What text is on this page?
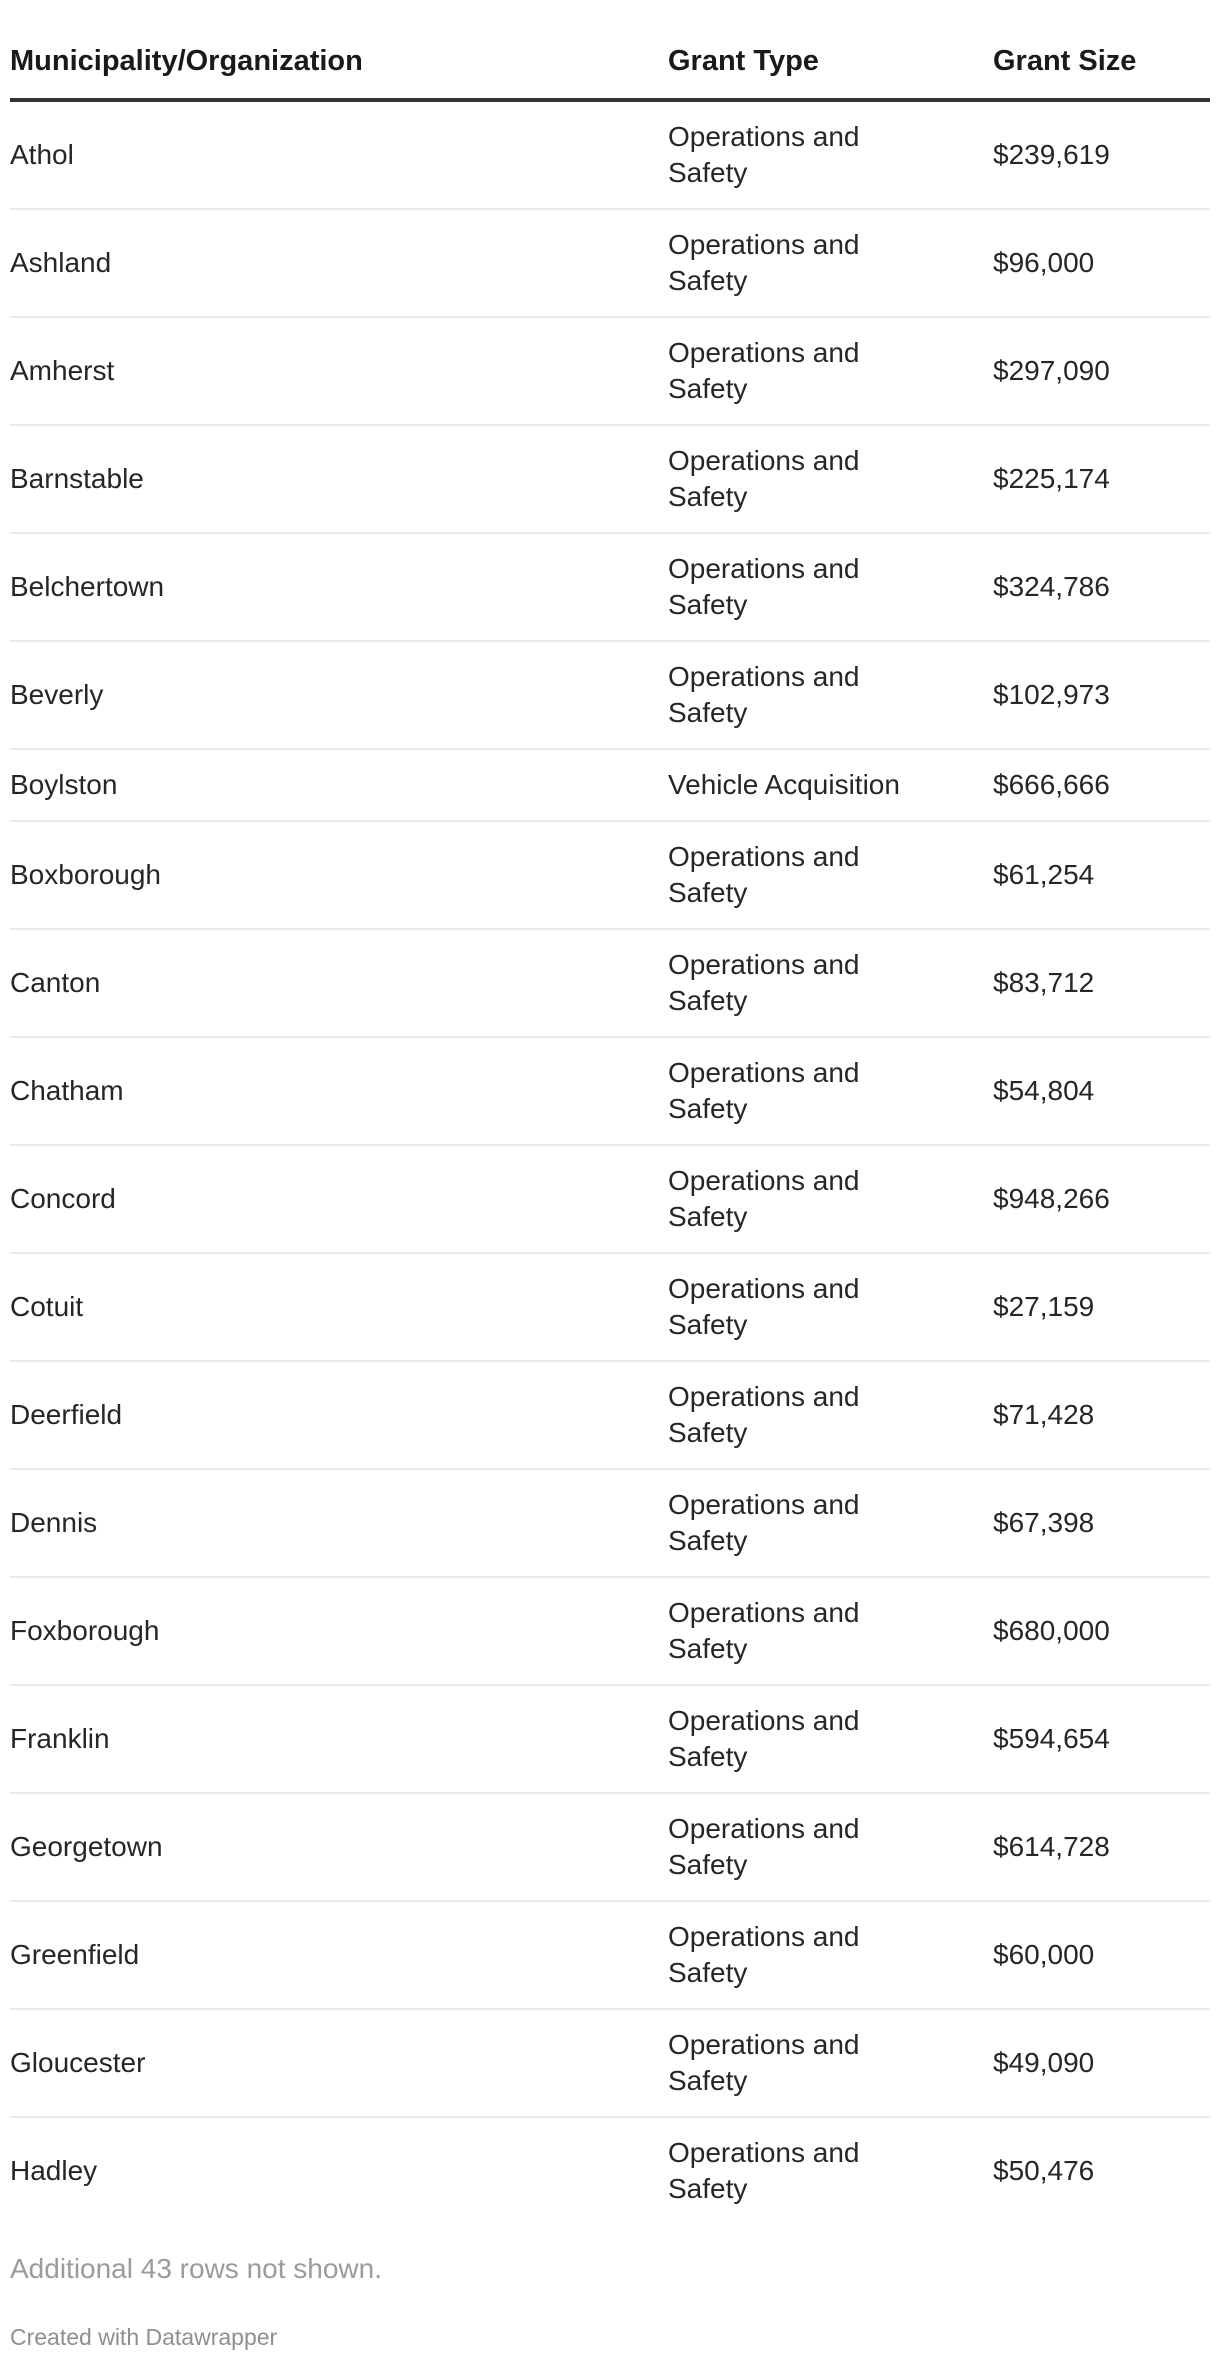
Municipality/Organization	Grant Type	Grant Size
Athol	Operations and Safety	$239,619
Ashland	Operations and Safety	$96,000
Amherst	Operations and Safety	$297,090
Barnstable	Operations and Safety	$225,174
Belchertown	Operations and Safety	$324,786
Beverly	Operations and Safety	$102,973
Boylston	Vehicle Acquisition	$666,666
Boxborough	Operations and Safety	$61,254
Canton	Operations and Safety	$83,712
Chatham	Operations and Safety	$54,804
Concord	Operations and Safety	$948,266
Cotuit	Operations and Safety	$27,159
Deerfield	Operations and Safety	$71,428
Dennis	Operations and Safety	$67,398
Foxborough	Operations and Safety	$680,000
Franklin	Operations and Safety	$594,654
Georgetown	Operations and Safety	$614,728
Greenfield	Operations and Safety	$60,000
Gloucester	Operations and Safety	$49,090
Hadley	Operations and Safety	$50,476

Additional 43 rows not shown.

Created with Datawrapper
